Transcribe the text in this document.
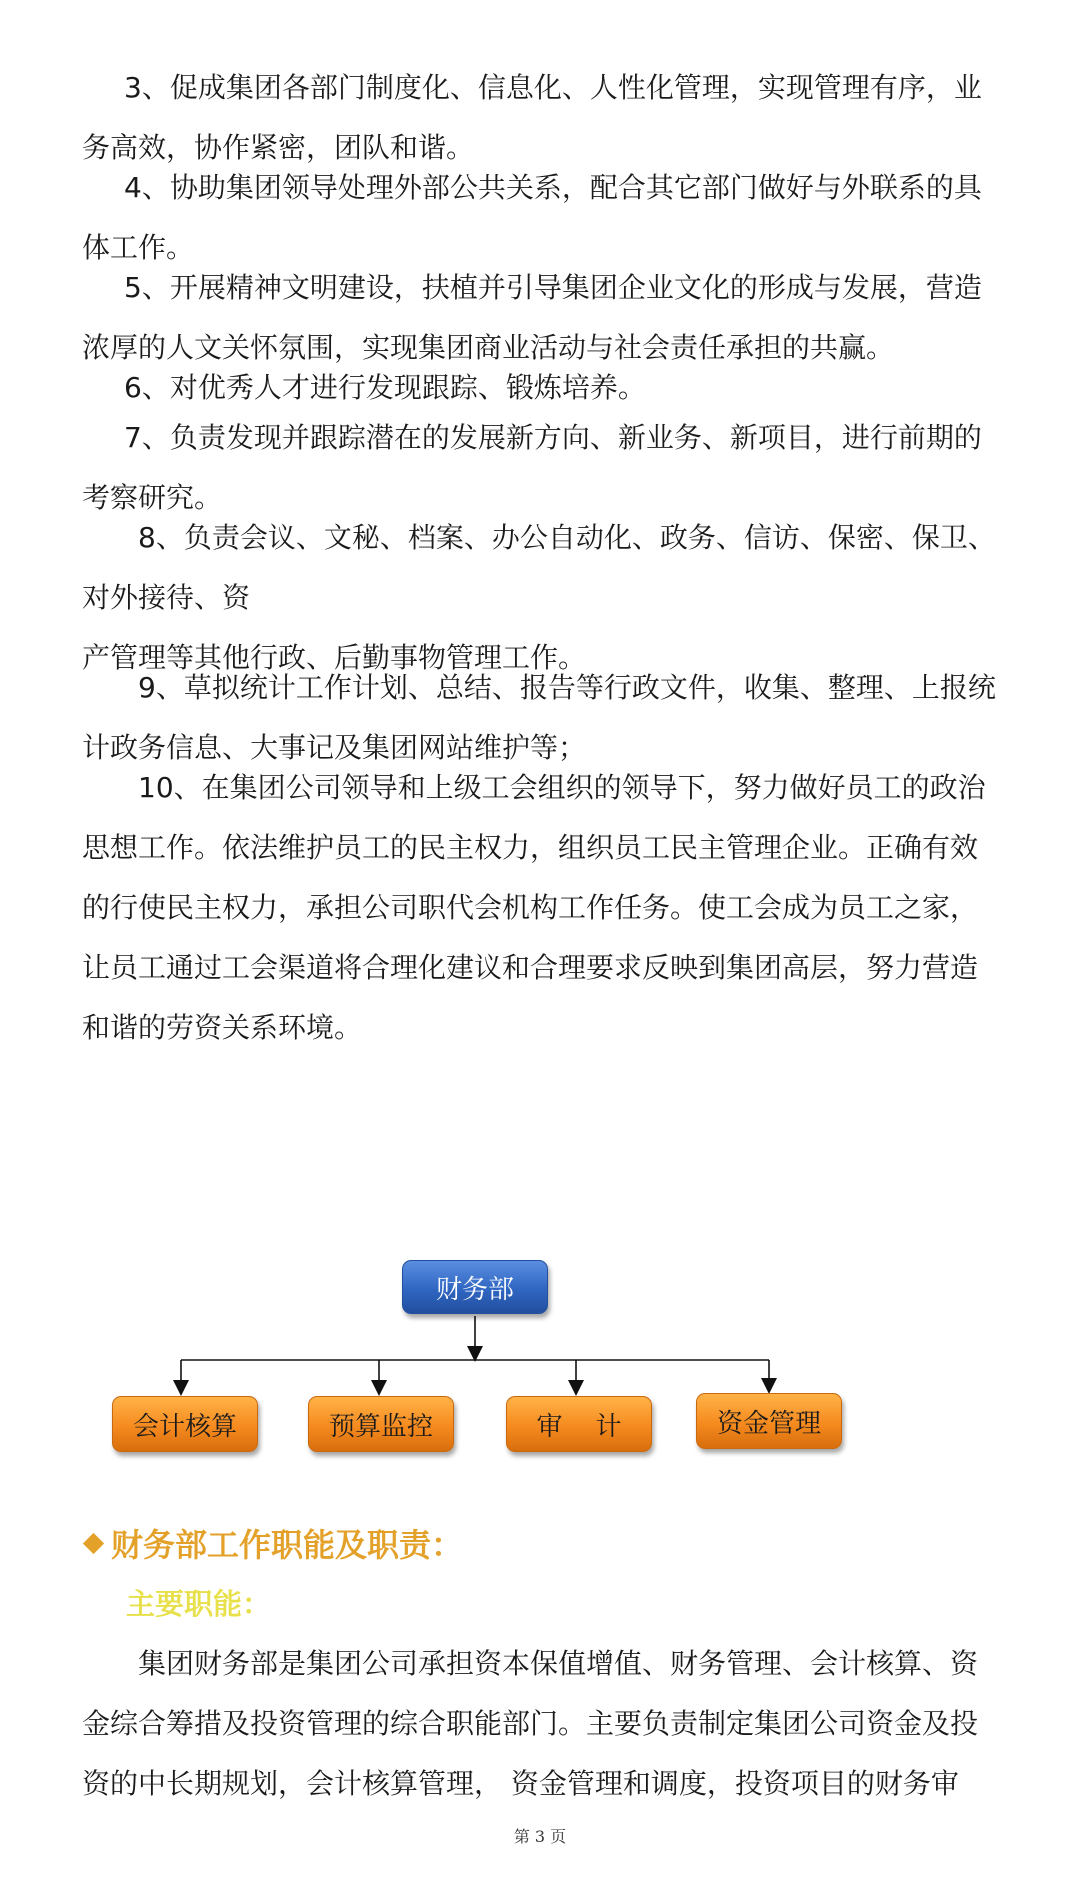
3、促成集团各部门制度化、信息化、人性化管理，实现管理有序，业
务高效，协作紧密，团队和谐。
4、协助集团领导处理外部公共关系，配合其它部门做好与外联系的具
体工作。
5、开展精神文明建设，扶植并引导集团企业文化的形成与发展，营造
浓厚的人文关怀氛围，实现集团商业活动与社会责任承担的共赢。
6、对优秀人才进行发现跟踪、锻炼培养。
7、负责发现并跟踪潜在的发展新方向、新业务、新项目，进行前期的
考察研究。
8、负责会议、文秘、档案、办公自动化、政务、信访、保密、保卫、
对外接待、资
产管理等其他行政、后勤事物管理工作。
9、草拟统计工作计划、总结、报告等行政文件，收集、整理、上报统
计政务信息、大事记及集团网站维护等；
10、在集团公司领导和上级工会组织的领导下，努力做好员工的政治
思想工作。依法维护员工的民主权力，组织员工民主管理企业。正确有效
的行使民主权力，承担公司职代会机构工作任务。使工会成为员工之家，
让员工通过工会渠道将合理化建议和合理要求反映到集团高层，努力营造
和谐的劳资关系环境。
财务部
会计核算	预算监控	审    计	资金管理
财务部工作职能及职责：
主要职能：
集团财务部是集团公司承担资本保值增值、财务管理、会计核算、资
金综合筹措及投资管理的综合职能部门。主要负责制定集团公司资金及投
资的中长期规划，会计核算管理， 资金管理和调度，投资项目的财务审
第 3 页
